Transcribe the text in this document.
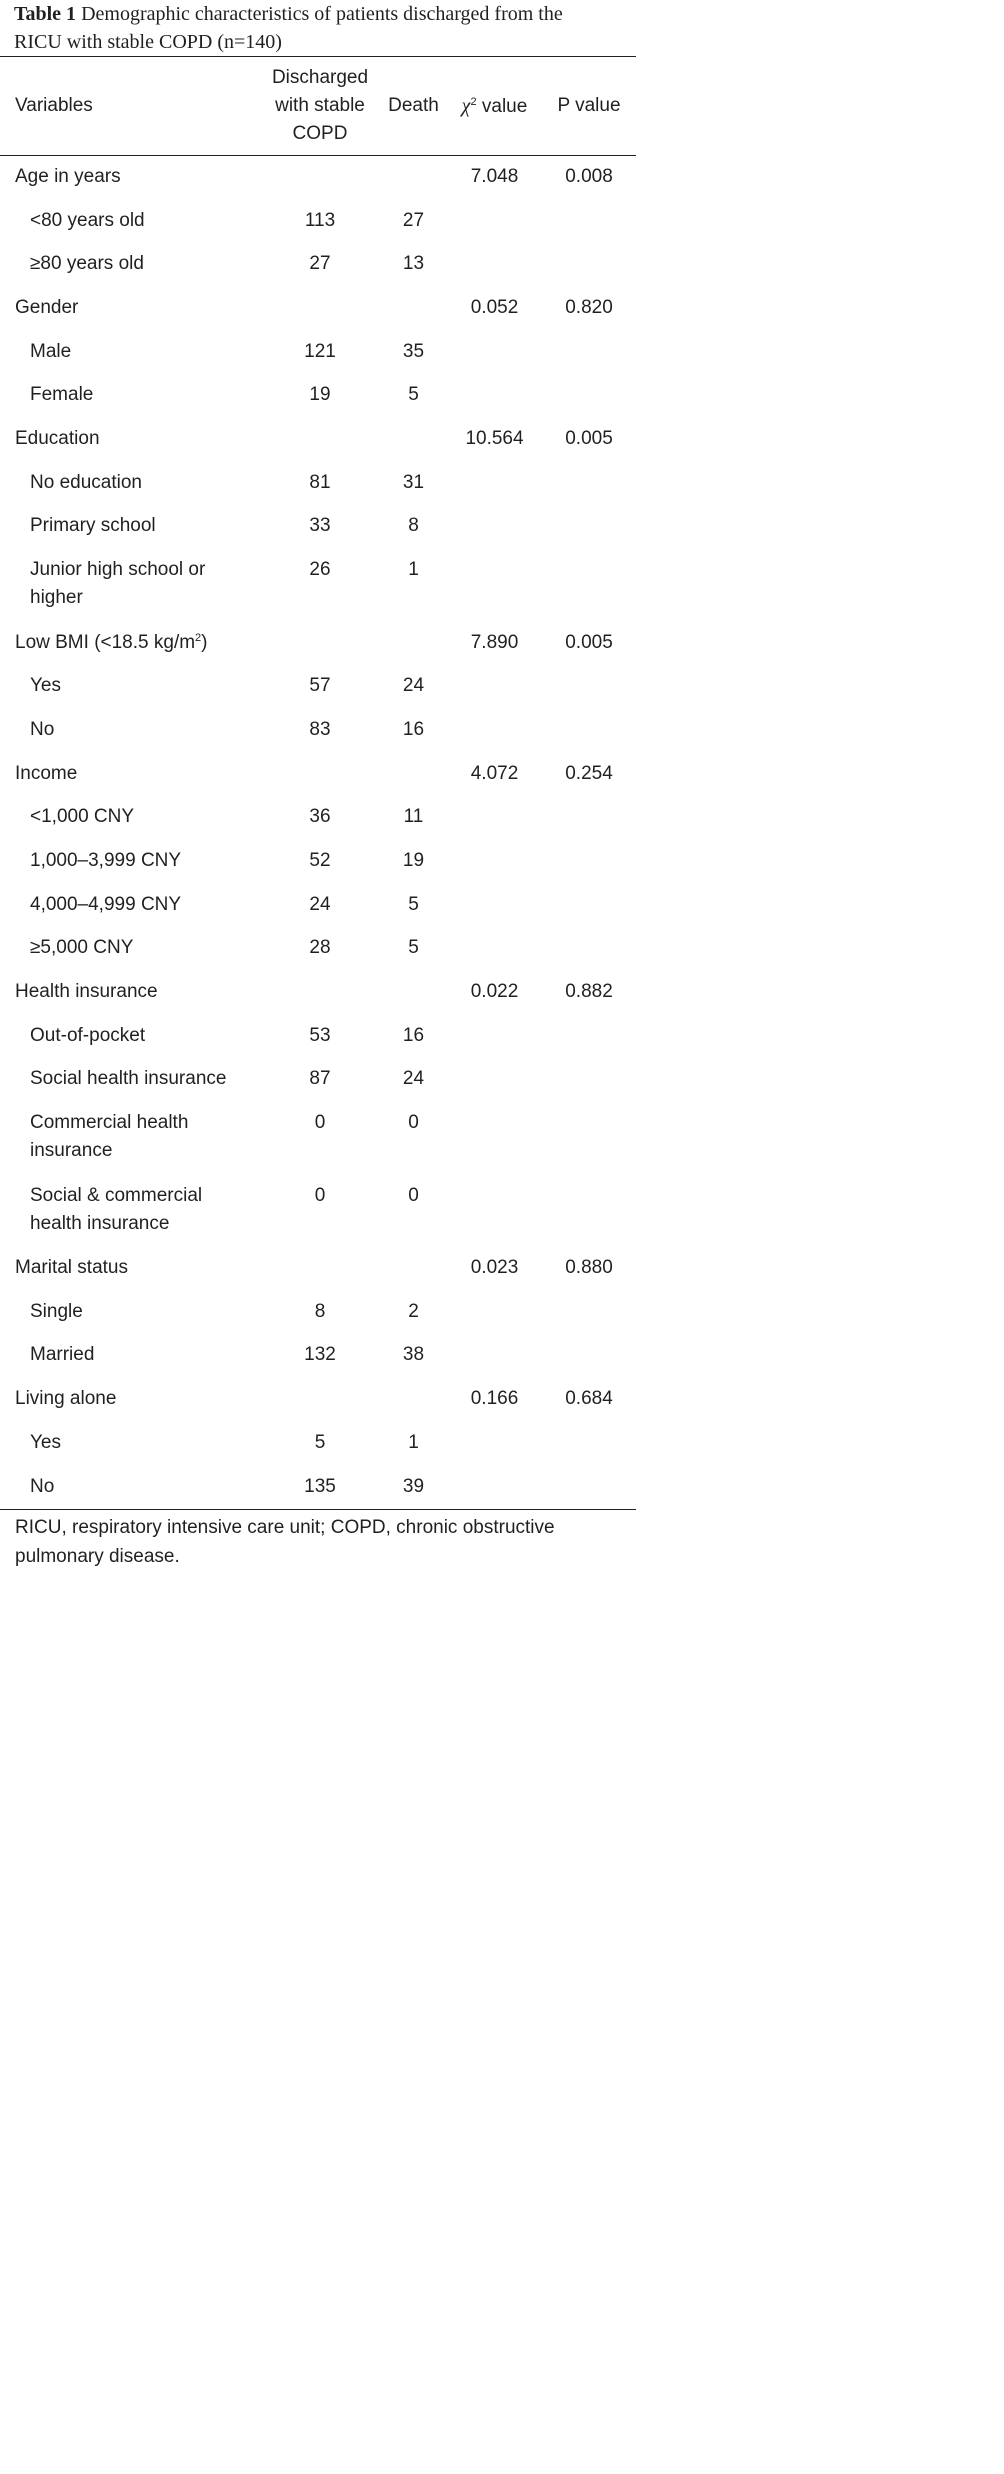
Table 1 Demographic characteristics of patients discharged from the
RICU with stable COPD (n=140)
Variables	Discharged
with stable
COPD	Death	$\chi^2$ value	P value
Age in years			7.048	0.008
<80 years old	113	27		
≥80 years old	27	13		
Gender			0.052	0.820
Male	121	35		
Female	19	5		
Education			10.564	0.005
No education	81	31		
Primary school	33	8		
Junior high school or
higher	26	1		
Low BMI (<18.5 $kg/m^2$)			7.890	0.005
Yes	57	24		
No	83	16		
Income			4.072	0.254
<1,000 CNY	36	11		
1,000–3,999 CNY	52	19		
4,000–4,999 CNY	24	5		
≥5,000 CNY	28	5		
Health insurance			0.022	0.882
Out-of-pocket	53	16		
Social health insurance	87	24		
Commercial health
insurance	0	0		
Social & commercial
health insurance	0	0		
Marital status			0.023	0.880
Single	8	2		
Married	132	38		
Living alone			0.166	0.684
Yes	5	1		
No	135	39		
RICU, respiratory intensive care unit; COPD, chronic obstructive
pulmonary disease.
